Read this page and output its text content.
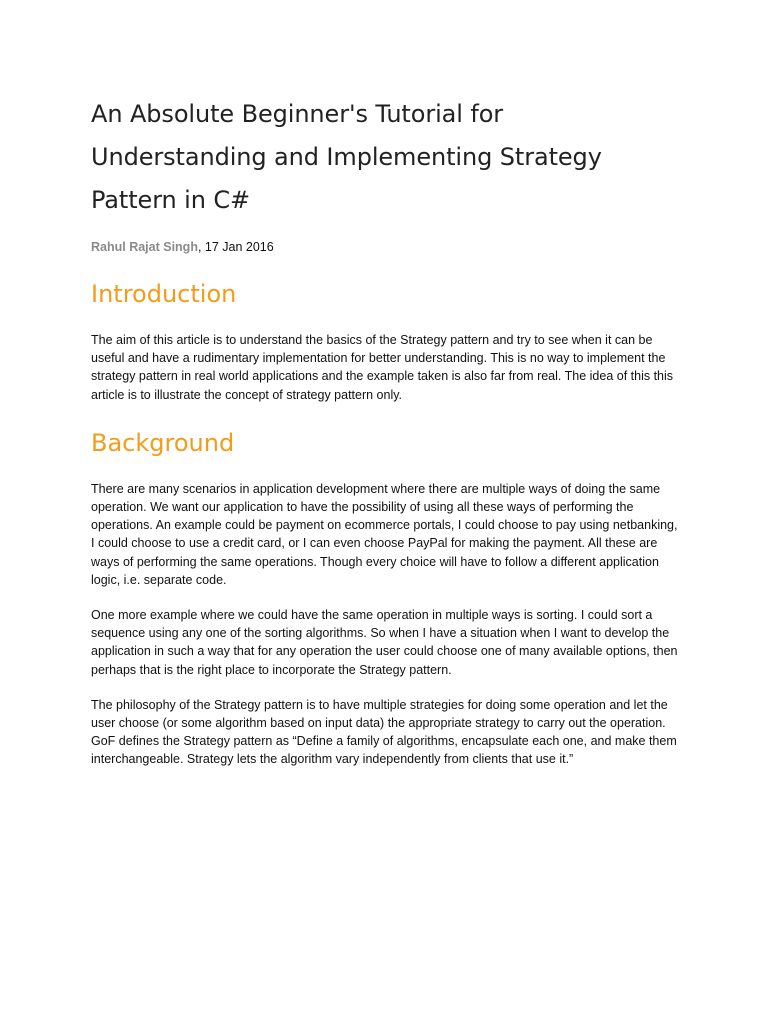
An Absolute Beginner's Tutorial for Understanding and Implementing Strategy Pattern in C#
Rahul Rajat Singh, 17 Jan 2016
Introduction

The aim of this article is to understand the basics of the Strategy pattern and try to see when it can be useful and have a rudimentary implementation for better understanding. This is no way to implement the strategy pattern in real world applications and the example taken is also far from real. The idea of this this article is to illustrate the concept of strategy pattern only.

Background

There are many scenarios in application development where there are multiple ways of doing the same operation. We want our application to have the possibility of using all these ways of performing the operations. An example could be payment on ecommerce portals, I could choose to pay using netbanking, I could choose to use a credit card, or I can even choose PayPal for making the payment. All these are ways of performing the same operations. Though every choice will have to follow a different application logic, i.e. separate code.

One more example where we could have the same operation in multiple ways is sorting. I could sort a sequence using any one of the sorting algorithms. So when I have a situation when I want to develop the application in such a way that for any operation the user could choose one of many available options, then perhaps that is the right place to incorporate the Strategy pattern.

The philosophy of the Strategy pattern is to have multiple strategies for doing some operation and let the user choose (or some algorithm based on input data) the appropriate strategy to carry out the operation. GoF defines the Strategy pattern as “Define a family of algorithms, encapsulate each one, and make them interchangeable. Strategy lets the algorithm vary independently from clients that use it.”
